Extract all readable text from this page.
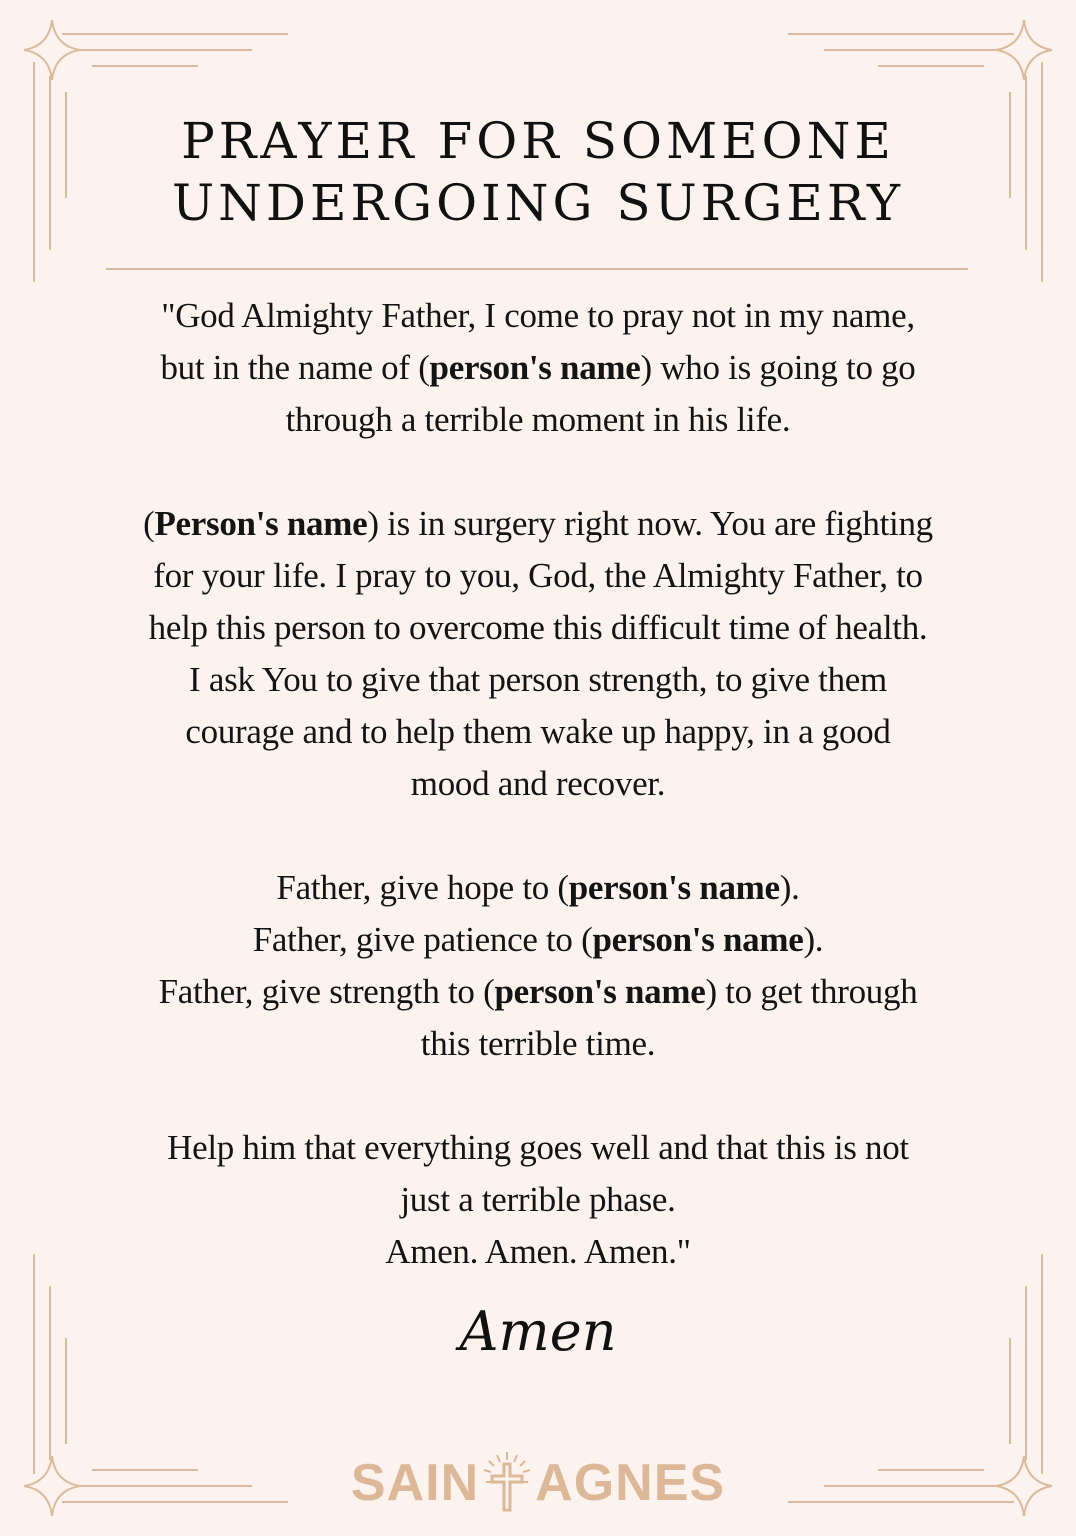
PRAYER FOR SOMEONE
UNDERGOING SURGERY
"God Almighty Father, I come to pray not in my name,
but in the name of (person's name) who is going to go
through a terrible moment in his life.
(Person's name) is in surgery right now. You are fighting
for your life. I pray to you, God, the Almighty Father, to
help this person to overcome this difficult time of health.
I ask You to give that person strength, to give them
courage and to help them wake up happy, in a good
mood and recover.
Father, give hope to (person's name).
Father, give patience to (person's name).
Father, give strength to (person's name) to get through
this terrible time.
Help him that everything goes well and that this is not
just a terrible phase.
Amen. Amen. Amen."
Amen
SAIN AGNES
